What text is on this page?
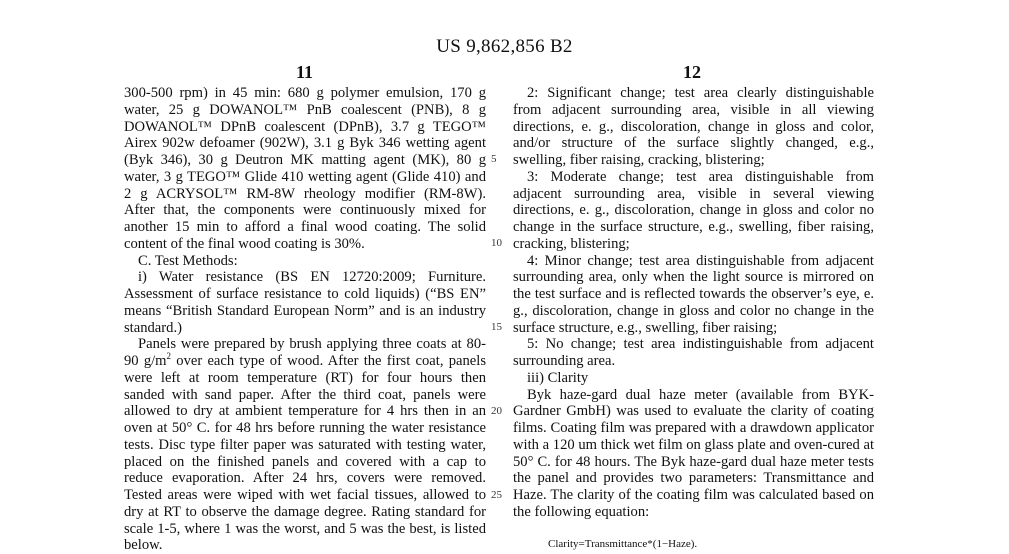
US 9,862,856 B2
11	12

300-500 rpm) in 45 min: 680 g polymer emulsion, 170 g water, 25 g DOWANOL™ PnB coalescent (PNB), 8 g DOWANOL™ DPnB coalescent (DPnB), 3.7 g TEGO™ Airex 902w defoamer (902W), 3.1 g Byk 346 wetting agent (Byk 346), 30 g Deutron MK matting agent (MK), 80 g water, 3 g TEGO™ Glide 410 wetting agent (Glide 410) and 2 g ACRYSOL™ RM-8W rheology modifier (RM-8W). After that, the components were continuously mixed for another 15 min to afford a final wood coating. The solid content of the final wood coating is 30%.

C. Test Methods:

i) Water resistance (BS EN 12720:2009; Furniture. Assessment of surface resistance to cold liquids) (“BS EN” means “British Standard European Norm” and is an industry standard.)

Panels were prepared by brush applying three coats at 80-90 $g/m^2$ over each type of wood. After the first coat, panels were left at room temperature (RT) for four hours then sanded with sand paper. After the third coat, panels were allowed to dry at ambient temperature for 4 hrs then in an oven at 50° C. for 48 hrs before running the water resistance tests. Disc type filter paper was saturated with testing water, placed on the finished panels and covered with a cap to reduce evaporation. After 24 hrs, covers were removed. Tested areas were wiped with wet facial tissues, allowed to dry at RT to observe the damage degree. Rating standard for scale 1-5, where 1 was the worst, and 5 was the best, is listed below.

5
10
15
20
25

2: Significant change; test area clearly distinguishable from adjacent surrounding area, visible in all viewing directions, e. g., discoloration, change in gloss and color, and/or structure of the surface slightly changed, e.g., swelling, fiber raising, cracking, blistering;

3: Moderate change; test area distinguishable from adjacent surrounding area, visible in several viewing directions, e. g., discoloration, change in gloss and color no change in the surface structure, e.g., swelling, fiber raising, cracking, blistering;

4: Minor change; test area distinguishable from adjacent surrounding area, only when the light source is mirrored on the test surface and is reflected towards the observer’s eye, e. g., discoloration, change in gloss and color no change in the surface structure, e.g., swelling, fiber raising;

5: No change; test area indistinguishable from adjacent surrounding area.

iii) Clarity

Byk haze-gard dual haze meter (available from BYK-Gardner GmbH) was used to evaluate the clarity of coating films. Coating film was prepared with a drawdown applicator with a 120 um thick wet film on glass plate and oven-cured at 50° C. for 48 hours. The Byk haze-gard dual haze meter tests the panel and provides two parameters: Transmittance and Haze. The clarity of the coating film was calculated based on the following equation:

Clarity=Transmittance*(1−Haze).
